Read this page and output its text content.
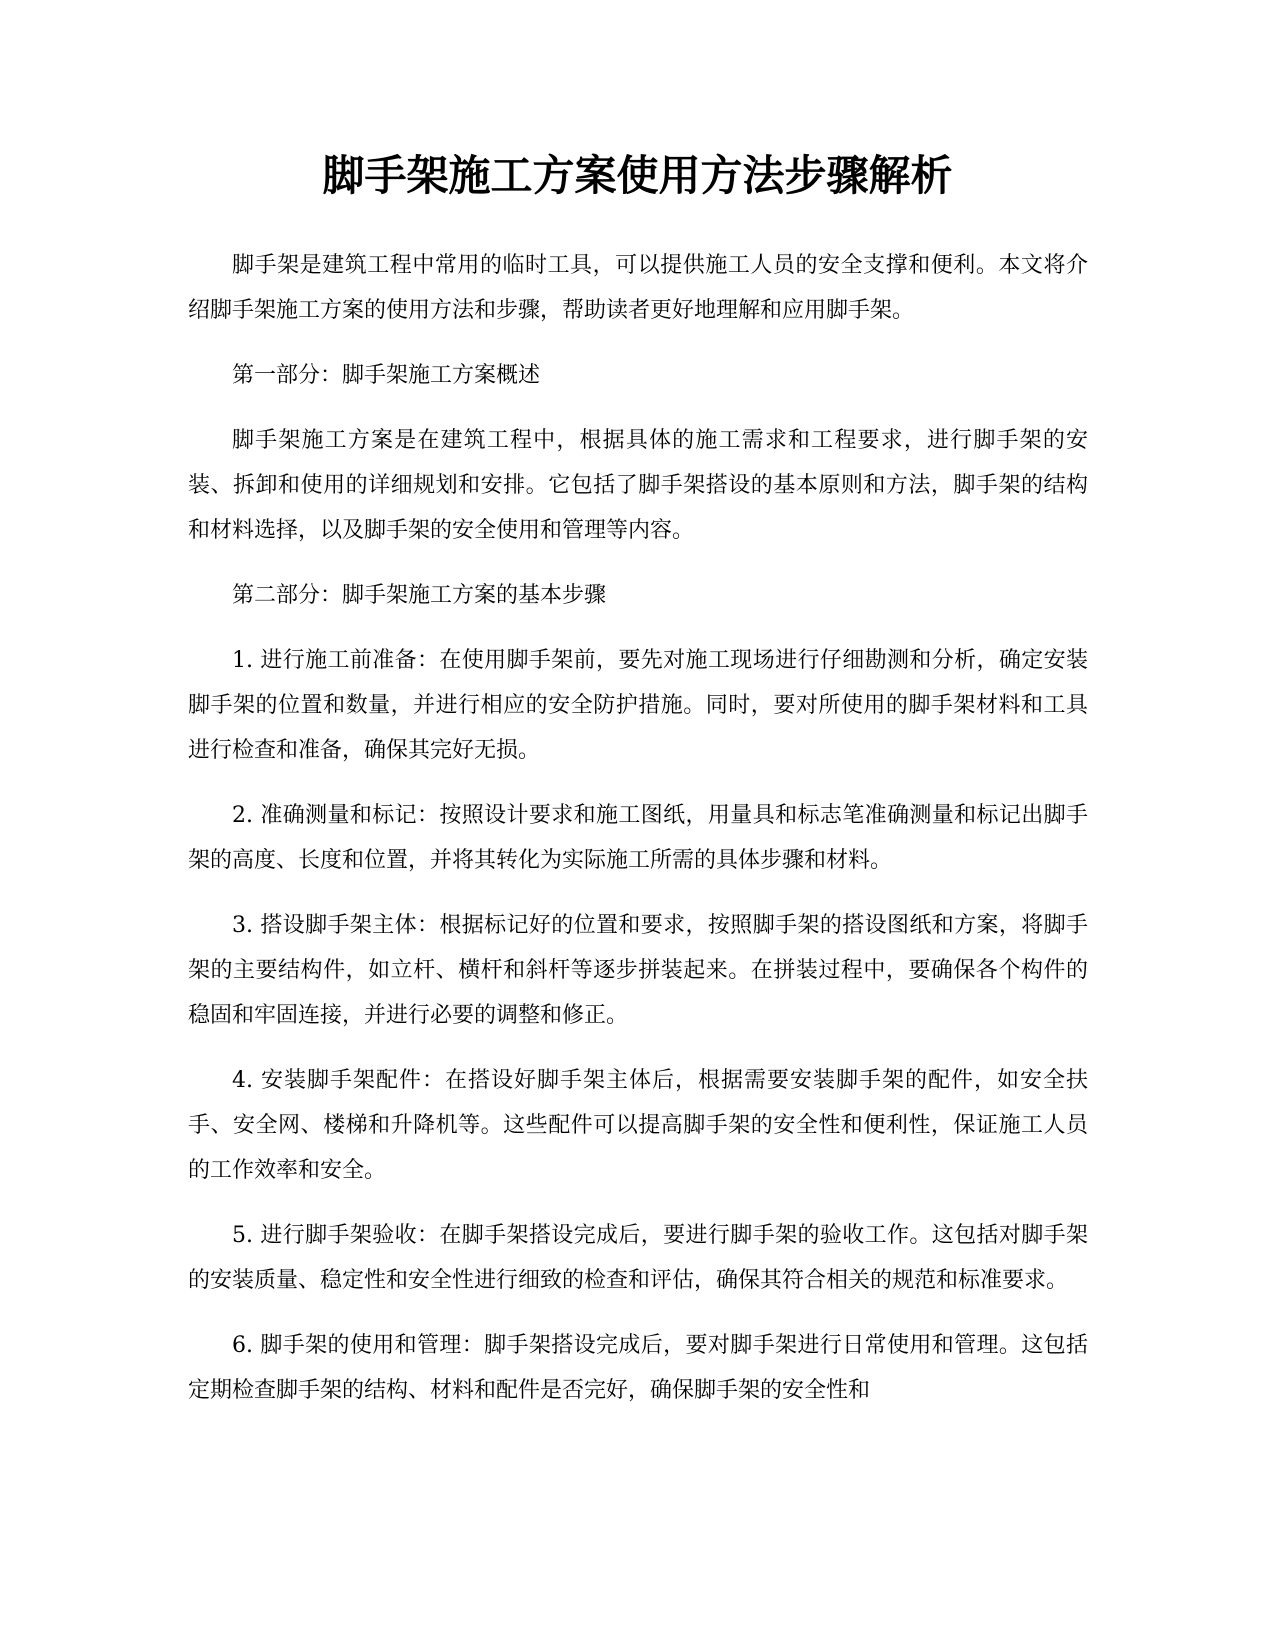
脚手架施工方案使用方法步骤解析

脚手架是建筑工程中常用的临时工具，可以提供施工人员的安全支撑和便利。本文将介绍脚手架施工方案的使用方法和步骤，帮助读者更好地理解和应用脚手架。

第一部分：脚手架施工方案概述

脚手架施工方案是在建筑工程中，根据具体的施工需求和工程要求，进行脚手架的安装、拆卸和使用的详细规划和安排。它包括了脚手架搭设的基本原则和方法，脚手架的结构和材料选择，以及脚手架的安全使用和管理等内容。

第二部分：脚手架施工方案的基本步骤

1. 进行施工前准备：在使用脚手架前，要先对施工现场进行仔细勘测和分析，确定安装脚手架的位置和数量，并进行相应的安全防护措施。同时，要对所使用的脚手架材料和工具进行检查和准备，确保其完好无损。

2. 准确测量和标记：按照设计要求和施工图纸，用量具和标志笔准确测量和标记出脚手架的高度、长度和位置，并将其转化为实际施工所需的具体步骤和材料。

3. 搭设脚手架主体：根据标记好的位置和要求，按照脚手架的搭设图纸和方案，将脚手架的主要结构件，如立杆、横杆和斜杆等逐步拼装起来。在拼装过程中，要确保各个构件的稳固和牢固连接，并进行必要的调整和修正。

4. 安装脚手架配件：在搭设好脚手架主体后，根据需要安装脚手架的配件，如安全扶手、安全网、楼梯和升降机等。这些配件可以提高脚手架的安全性和便利性，保证施工人员的工作效率和安全。

5. 进行脚手架验收：在脚手架搭设完成后，要进行脚手架的验收工作。这包括对脚手架的安装质量、稳定性和安全性进行细致的检查和评估，确保其符合相关的规范和标准要求。

6. 脚手架的使用和管理：脚手架搭设完成后，要对脚手架进行日常使用和管理。这包括定期检查脚手架的结构、材料和配件是否完好，确保脚手架的安全性和
